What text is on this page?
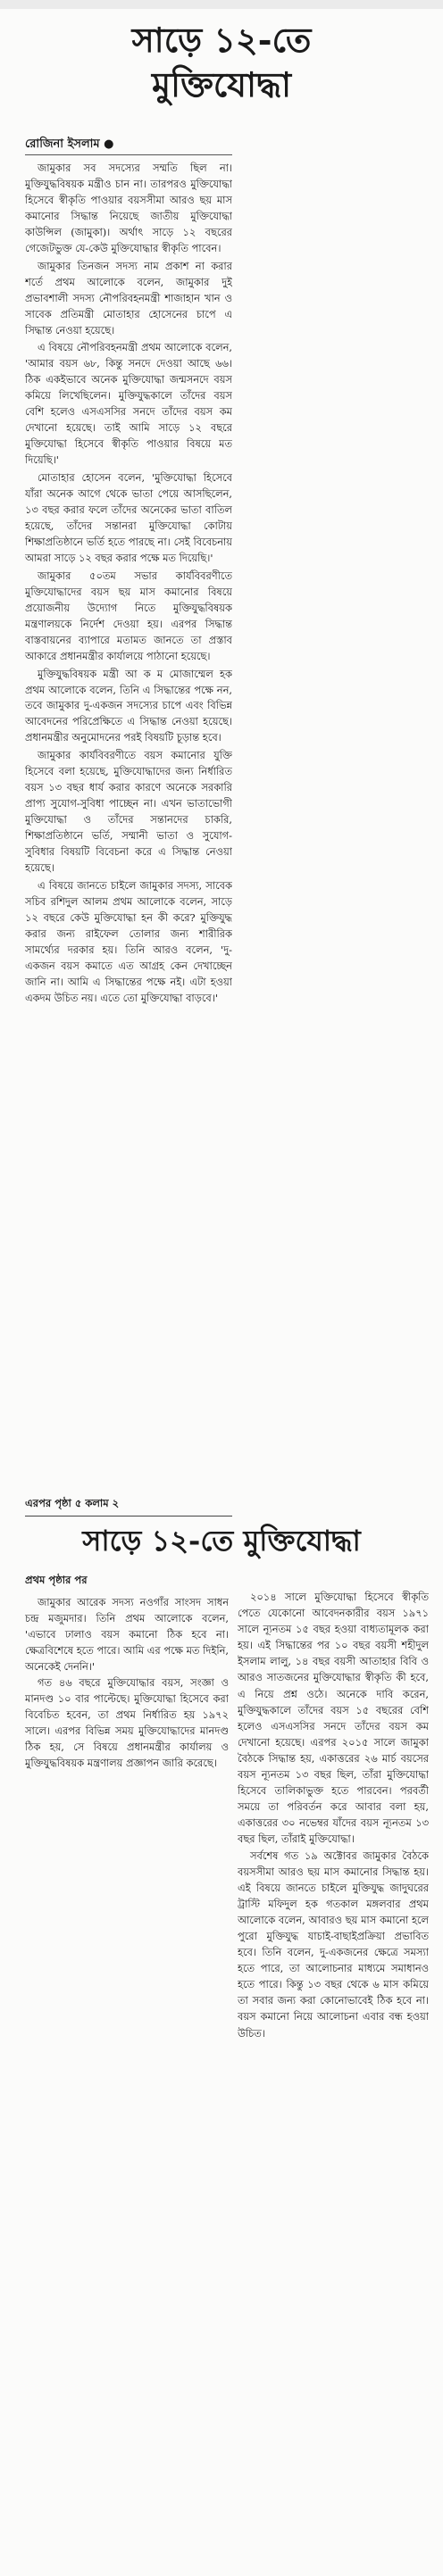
সাড়ে ১২-তে
মুক্তিযোদ্ধা
রোজিনা ইসলাম ●

জামুকার সব সদস্যের সম্মতি ছিল না। মুক্তিযুদ্ধবিষয়ক মন্ত্রীও চান না। তারপরও মুক্তিযোদ্ধা হিসেবে স্বীকৃতি পাওয়ার বয়সসীমা আরও ছয় মাস কমানোর সিদ্ধান্ত নিয়েছে জাতীয় মুক্তিযোদ্ধা কাউন্সিল (জামুকা)। অর্থাৎ সাড়ে ১২ বছরের গেজেটভুক্ত যে-কেউ মুক্তিযোদ্ধার স্বীকৃতি পাবেন।

জামুকার তিনজন সদস্য নাম প্রকাশ না করার শর্তে প্রথম আলোকে বলেন, জামুকার দুই প্রভাবশালী সদস্য নৌপরিবহনমন্ত্রী শাজাহান খান ও সাবেক প্রতিমন্ত্রী মোতাহার হোসেনের চাপে এ সিদ্ধান্ত নেওয়া হয়েছে।

এ বিষয়ে নৌপরিবহনমন্ত্রী প্রথম আলোকে বলেন, 'আমার বয়স ৬৮, কিন্তু সনদে দেওয়া আছে ৬৬। ঠিক একইভাবে অনেক মুক্তিযোদ্ধা জন্মসনদে বয়স কমিয়ে লিখেছিলেন। মুক্তিযুদ্ধকালে তাঁদের বয়স বেশি হলেও এসএসসির সনদে তাঁদের বয়স কম দেখানো হয়েছে। তাই আমি সাড়ে ১২ বছরে মুক্তিযোদ্ধা হিসেবে স্বীকৃতি পাওয়ার বিষয়ে মত দিয়েছি।'

মোতাহার হোসেন বলেন, 'মুক্তিযোদ্ধা হিসেবে যাঁরা অনেক আগে থেকে ভাতা পেয়ে আসছিলেন, ১৩ বছর করার ফলে তাঁদের অনেকের ভাতা বাতিল হয়েছে, তাঁদের সন্তানরা মুক্তিযোদ্ধা কোটায় শিক্ষাপ্রতিষ্ঠানে ভর্তি হতে পারছে না। সেই বিবেচনায় আমরা সাড়ে ১২ বছর করার পক্ষে মত দিয়েছি।'

জামুকার ৫০তম সভার কার্যবিবরণীতে মুক্তিযোদ্ধাদের বয়স ছয় মাস কমানোর বিষয়ে প্রয়োজনীয় উদ্যোগ নিতে মুক্তিযুদ্ধবিষয়ক মন্ত্রণালয়কে নির্দেশ দেওয়া হয়। এরপর সিদ্ধান্ত বাস্তবায়নের ব্যাপারে মতামত জানতে তা প্রস্তাব আকারে প্রধানমন্ত্রীর কার্যালয়ে পাঠানো হয়েছে।

মুক্তিযুদ্ধবিষয়ক মন্ত্রী আ ক ম মোজাম্মেল হক প্রথম আলোকে বলেন, তিনি এ সিদ্ধান্তের পক্ষে নন, তবে জামুকার দু-একজন সদস্যের চাপে এবং বিভিন্ন আবেদনের পরিপ্রেক্ষিতে এ সিদ্ধান্ত নেওয়া হয়েছে। প্রধানমন্ত্রীর অনুমোদনের পরই বিষয়টি চূড়ান্ত হবে।

জামুকার কার্যবিবরণীতে বয়স কমানোর যুক্তি হিসেবে বলা হয়েছে, মুক্তিযোদ্ধাদের জন্য নির্ধারিত বয়স ১৩ বছর ধার্য করার কারণে অনেকে সরকারি প্রাপ্য সুযোগ-সুবিধা পাচ্ছেন না। এখন ভাতাভোগী মুক্তিযোদ্ধা ও তাঁদের সন্তানদের চাকরি, শিক্ষাপ্রতিষ্ঠানে ভর্তি, সম্মানী ভাতা ও সুযোগ-সুবিধার বিষয়টি বিবেচনা করে এ সিদ্ধান্ত নেওয়া হয়েছে।

এ বিষয়ে জানতে চাইলে জামুকার সদস্য, সাবেক সচিব রশিদুল আলম প্রথম আলোকে বলেন, সাড়ে ১২ বছরে কেউ মুক্তিযোদ্ধা হন কী করে? মুক্তিযুদ্ধ করার জন্য রাইফেল তোলার জন্য শারীরিক সামর্থ্যের দরকার হয়। তিনি আরও বলেন, 'দু-একজন বয়স কমাতে এত আগ্রহ কেন দেখাচ্ছেন জানি না। আমি এ সিদ্ধান্তের পক্ষে নই। এটা হওয়া একদম উচিত নয়। এতে তো মুক্তিযোদ্ধা বাড়বে।'

এরপর পৃষ্ঠা ৫ কলাম ২
সাড়ে ১২-তে মুক্তিযোদ্ধা
প্রথম পৃষ্ঠার পর

জামুকার আরেক সদস্য নওগাঁর সাংসদ সাধন চন্দ্র মজুমদার। তিনি প্রথম আলোকে বলেন, 'এভাবে ঢালাও বয়স কমানো ঠিক হবে না। ক্ষেত্রবিশেষে হতে পারে। আমি এর পক্ষে মত দিইনি, অনেকেই দেননি।'

গত ৪৬ বছরে মুক্তিযোদ্ধার বয়স, সংজ্ঞা ও মানদণ্ড ১০ বার পাল্টেছে। মুক্তিযোদ্ধা হিসেবে করা বিবেচিত হবেন, তা প্রথম নির্ধারিত হয় ১৯৭২ সালে। এরপর বিভিন্ন সময় মুক্তিযোদ্ধাদের মানদণ্ড ঠিক হয়, সে বিষয়ে প্রধানমন্ত্রীর কার্যালয় ও মুক্তিযুদ্ধবিষয়ক মন্ত্রণালয় প্রজ্ঞাপন জারি করেছে।

২০১৪ সালে মুক্তিযোদ্ধা হিসেবে স্বীকৃতি পেতে যেকোনো আবেদনকারীর বয়স ১৯৭১ সালে ন্যূনতম ১৫ বছর হওয়া বাধ্যতামূলক করা হয়। এই সিদ্ধান্তের পর ১০ বছর বয়সী শহীদুল ইসলাম লালু, ১৪ বছর বয়সী আতাহার বিবি ও আরও সাতজনের মুক্তিযোদ্ধার স্বীকৃতি কী হবে, এ নিয়ে প্রশ্ন ওঠে। অনেকে দাবি করেন, মুক্তিযুদ্ধকালে তাঁদের বয়স ১৫ বছরের বেশি হলেও এসএসসির সনদে তাঁদের বয়স কম দেখানো হয়েছে। এরপর ২০১৫ সালে জামুকা বৈঠকে সিদ্ধান্ত হয়, একাত্তরের ২৬ মার্চ বয়সের বয়স ন্যূনতম ১৩ বছর ছিল, তাঁরা মুক্তিযোদ্ধা হিসেবে তালিকাভুক্ত হতে পারবেন। পরবর্তী সময়ে তা পরিবর্তন করে আবার বলা হয়, একাত্তরের ৩০ নভেম্বর যাঁদের বয়স ন্যূনতম ১৩ বছর ছিল, তাঁরাই মুক্তিযোদ্ধা।

সর্বশেষ গত ১৯ অক্টোবর জামুকার বৈঠকে বয়সসীমা আরও ছয় মাস কমানোর সিদ্ধান্ত হয়। এই বিষয়ে জানতে চাইলে মুক্তিযুদ্ধ জাদুঘরের ট্রাস্টি মফিদুল হক গতকাল মঙ্গলবার প্রথম আলোকে বলেন, আবারও ছয় মাস কমানো হলে পুরো মুক্তিযুদ্ধ যাচাই-বাছাইপ্রক্রিয়া প্রভাবিত হবে। তিনি বলেন, দু-একজনের ক্ষেত্রে সমস্যা হতে পারে, তা আলোচনার মাধ্যমে সমাধানও হতে পারে। কিন্তু ১৩ বছর থেকে ৬ মাস কমিয়ে তা সবার জন্য করা কোনোভাবেই ঠিক হবে না। বয়স কমানো নিয়ে আলোচনা এবার বন্ধ হওয়া উচিত।
